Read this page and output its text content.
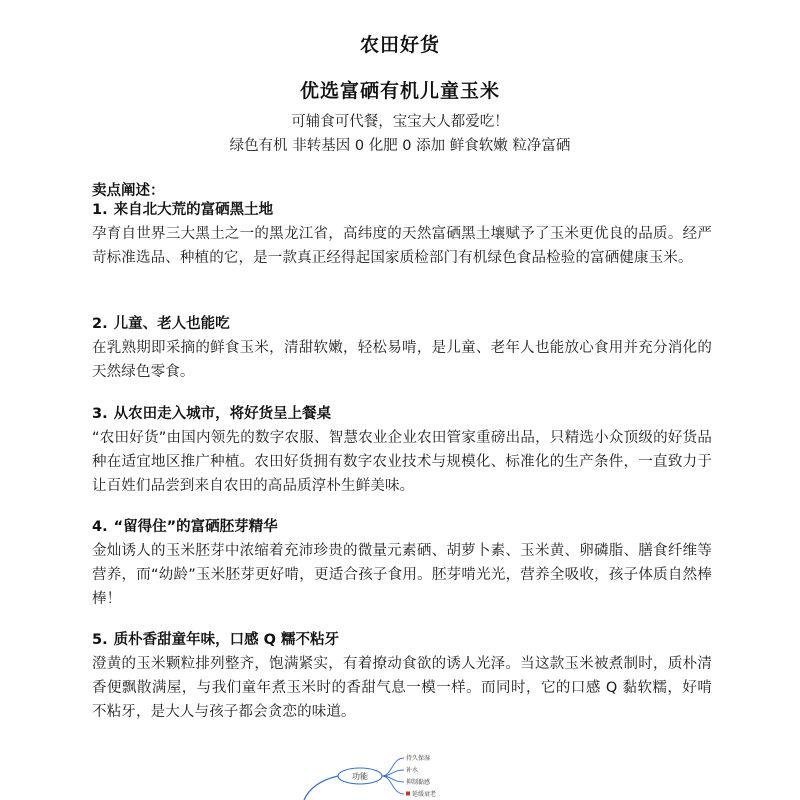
农田好货
优选富硒有机儿童玉米
可辅食可代餐，宝宝大人都爱吃！
绿色有机 非转基因 0 化肥 0 添加 鲜食软嫩 粒净富硒
卖点阐述：
1. 来自北大荒的富硒黑土地

孕育自世界三大黑土之一的黑龙江省，高纬度的天然富硒黑土壤赋予了玉米更优良的品质。经严苛标准选品、种植的它，是一款真正经得起国家质检部门有机绿色食品检验的富硒健康玉米。

2. 儿童、老人也能吃

在乳熟期即采摘的鲜食玉米，清甜软嫩，轻松易啃，是儿童、老年人也能放心食用并充分消化的天然绿色零食。

3. 从农田走入城市，将好货呈上餐桌

“农田好货”由国内领先的数字农服、智慧农业企业农田管家重磅出品，只精选小众顶级的好货品种在适宜地区推广种植。农田好货拥有数字农业技术与规模化、标准化的生产条件，一直致力于让百姓们品尝到来自农田的高品质淳朴生鲜美味。

4. “留得住”的富硒胚芽精华

金灿诱人的玉米胚芽中浓缩着充沛珍贵的微量元素硒、胡萝卜素、玉米黄、卵磷脂、膳食纤维等营养，而“幼龄”玉米胚芽更好啃，更适合孩子食用。胚芽啃光光，营养全吸收，孩子体质自然棒棒！

5. 质朴香甜童年味，口感 Q 糯不粘牙

澄黄的玉米颗粒排列整齐，饱满紧实，有着撩动食欲的诱人光泽。当这款玉米被煮制时，质朴清香便飘散满屋，与我们童年煮玉米时的香甜气息一模一样。而同时，它的口感 Q 黏软糯，好啃不粘牙，是大人与孩子都会贪恋的味道。

功能
持久保湿
补水
抑制黏感
延缓衰老
